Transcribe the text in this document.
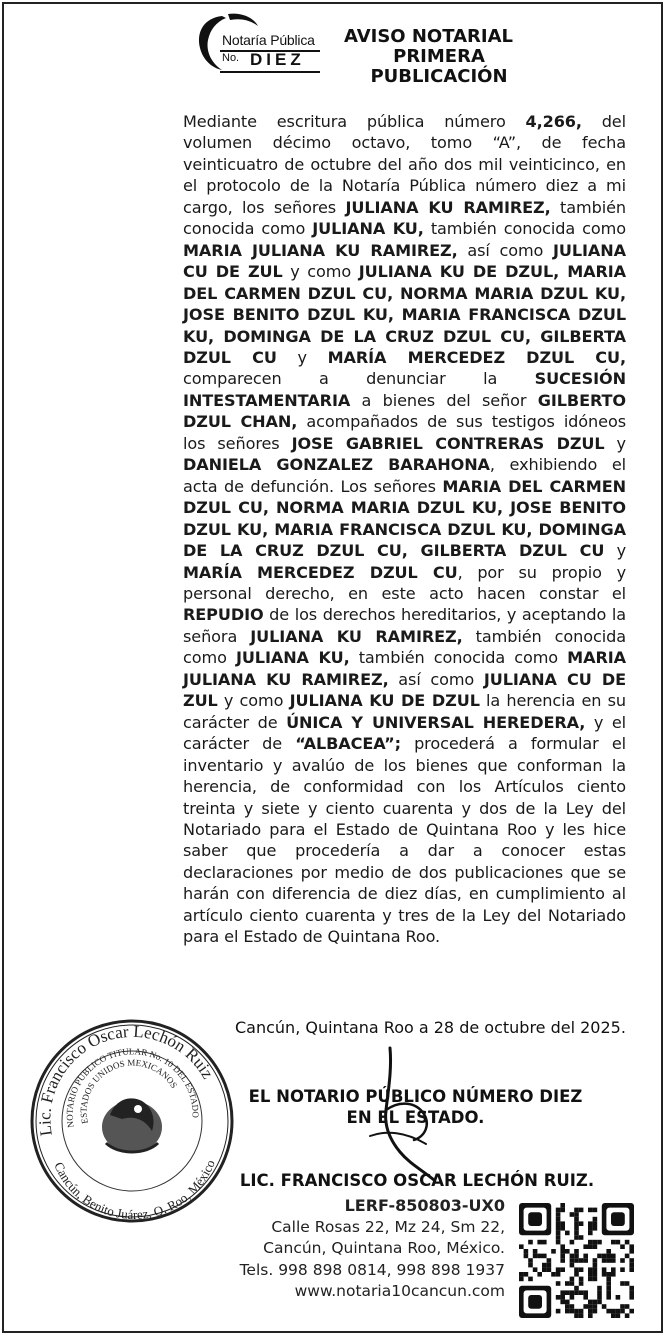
Notaría Pública
No. DIEZ
AVISO NOTARIAL
PRIMERA
PUBLICACIÓN
Mediante escritura pública número 4,266, del volumen décimo octavo, tomo “A”, de fecha veinticuatro de octubre del año dos mil veinticinco, en el protocolo de la Notaría Pública número diez a mi cargo, los señores JULIANA KU RAMIREZ, también conocida como JULIANA KU, también conocida como MARIA JULIANA KU RAMIREZ, así como JULIANA CU DE ZUL y como JULIANA KU DE DZUL, MARIA DEL CARMEN DZUL CU, NORMA MARIA DZUL KU, JOSE BENITO DZUL KU, MARIA FRANCISCA DZUL KU, DOMINGA DE LA CRUZ DZUL CU, GILBERTA DZUL CU y MARÍA MERCEDEZ DZUL CU, comparecen a denunciar la SUCESIÓN INTESTAMENTARIA a bienes del señor GILBERTO DZUL CHAN, acompañados de sus testigos idóneos los señores JOSE GABRIEL CONTRERAS DZUL y DANIELA GONZALEZ BARAHONA, exhibiendo el acta de defunción. Los señores MARIA DEL CARMEN DZUL CU, NORMA MARIA DZUL KU, JOSE BENITO DZUL KU, MARIA FRANCISCA DZUL KU, DOMINGA DE LA CRUZ DZUL CU, GILBERTA DZUL CU y MARÍA MERCEDEZ DZUL CU, por su propio y personal derecho, en este acto hacen constar el REPUDIO de los derechos hereditarios, y aceptando la señora JULIANA KU RAMIREZ, también conocida como JULIANA KU, también conocida como MARIA JULIANA KU RAMIREZ, así como JULIANA CU DE ZUL y como JULIANA KU DE DZUL la herencia en su carácter de ÚNICA Y UNIVERSAL HEREDERA, y el carácter de “ALBACEA”; procederá a formular el inventario y avalúo de los bienes que conforman la herencia, de conformidad con los Artículos ciento treinta y siete y ciento cuarenta y dos de la Ley del Notariado para el Estado de Quintana Roo y les hice saber que procedería a dar a conocer estas declaraciones por medio de dos publicaciones que se harán con diferencia de diez días, en cumplimiento al artículo ciento cuarenta y tres de la Ley del Notariado para el Estado de Quintana Roo.
Lic. Francisco Oscar Lechón Ruiz
NOTARIO PUBLICO TITULAR No. 10 DEL ESTADO
ESTADOS UNIDOS MEXICANOS
Cancún, Benito Juárez, Q. Roo, México
Cancún, Quintana Roo a 28 de octubre del 2025.
EL NOTARIO PÚBLICO NÚMERO DIEZ
EN EL ESTADO.
LIC. FRANCISCO OSCAR LECHÓN RUIZ.
LERF-850803-UX0
Calle Rosas 22, Mz 24, Sm 22,
Cancún, Quintana Roo, México.
Tels. 998 898 0814, 998 898 1937
www.notaria10cancun.com
